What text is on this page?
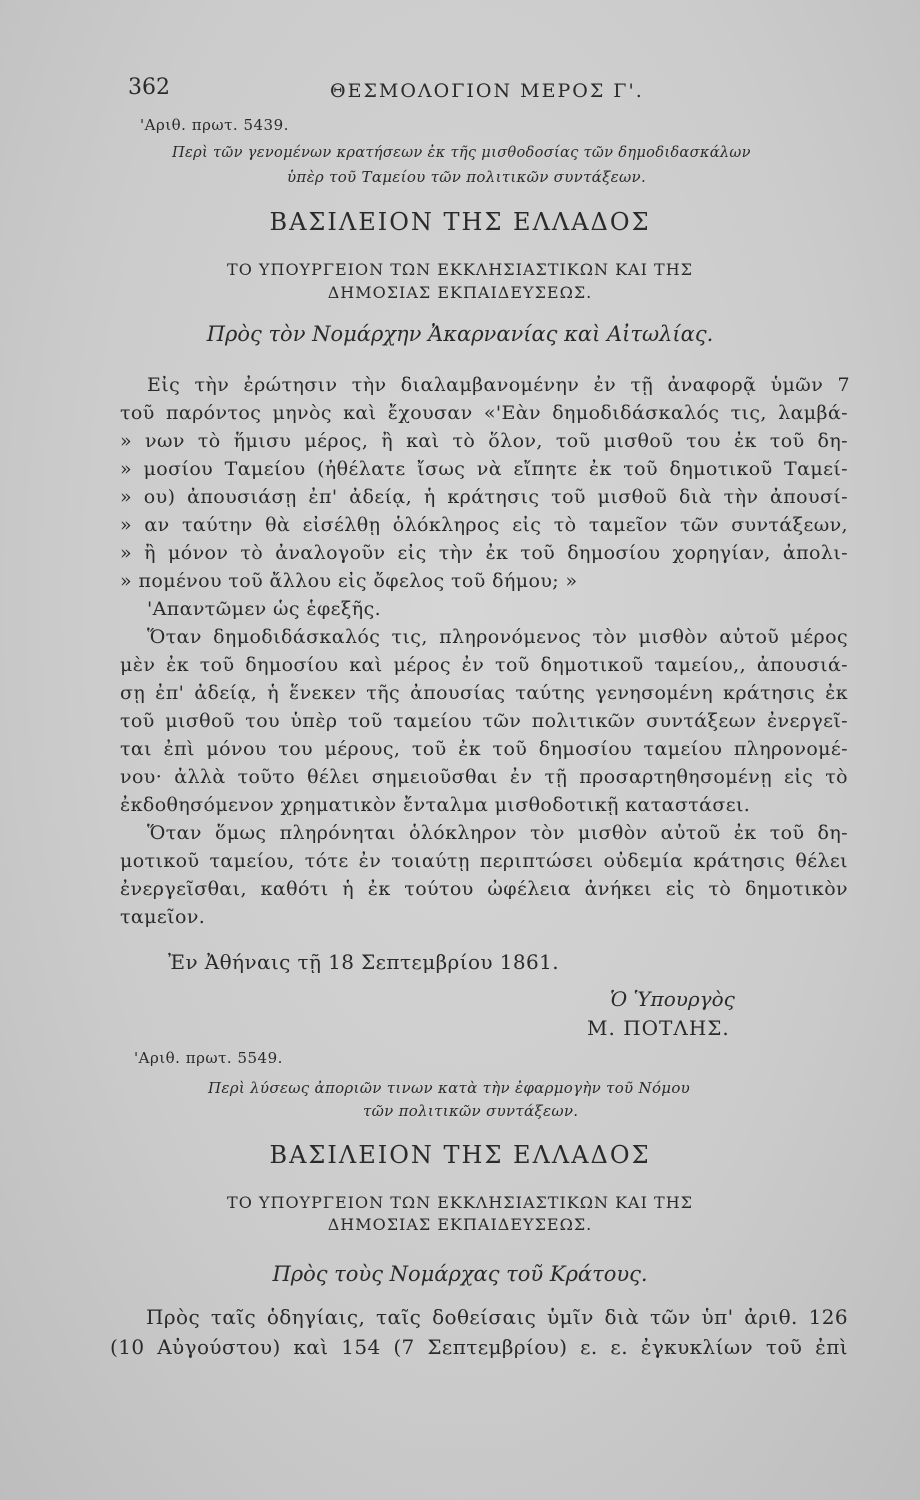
362	ΘΕΣΜΟΛΟΓΙΟΝ ΜΕΡΟΣ Γ'.
'Αριθ. πρωτ. 5439.
Περὶ τῶν γενομένων κρατήσεων ἐκ τῆς μισθοδοσίας τῶν δημοδιδασκάλων
ὑπὲρ τοῦ Ταμείου τῶν πολιτικῶν συντάξεων.
ΒΑΣΙΛΕΙΟΝ ΤΗΣ ΕΛΛΑΔΟΣ
ΤΟ ΥΠΟΥΡΓΕΙΟΝ ΤΩΝ ΕΚΚΛΗΣΙΑΣΤΙΚΩΝ ΚΑΙ ΤΗΣ
ΔΗΜΟΣΙΑΣ ΕΚΠΑΙΔΕΥΣΕΩΣ.
Πρὸς τὸν Νομάρχην Ἀκαρνανίας καὶ Αἰτωλίας.
Εἰς τὴν ἐρώτησιν τὴν διαλαμβανομένην ἐν τῇ ἀναφορᾷ ὑμῶν 7
τοῦ παρόντος μηνὸς καὶ ἔχουσαν «'Εὰν δημοδιδάσκαλός τις, λαμβά-
» νων τὸ ἥμισυ μέρος, ἢ καὶ τὸ ὅλον, τοῦ μισθοῦ του ἐκ τοῦ δη-
» μοσίου Ταμείου (ἠθέλατε ἴσως νὰ εἴπητε ἐκ τοῦ δημοτικοῦ Ταμεί-
» ου) ἀπουσιάσῃ ἐπ' ἀδείᾳ, ἡ κράτησις τοῦ μισθοῦ διὰ τὴν ἀπουσί-
» αν ταύτην θὰ εἰσέλθῃ ὁλόκληρος εἰς τὸ ταμεῖον τῶν συντάξεων,
» ἢ μόνον τὸ ἀναλογοῦν εἰς τὴν ἐκ τοῦ δημοσίου χορηγίαν, ἀπολι-
» πομένου τοῦ ἄλλου εἰς ὄφελος τοῦ δήμου; »
'Απαντῶμεν ὡς ἑφεξῆς.
Ὅταν δημοδιδάσκαλός τις, πληρονόμενος τὸν μισθὸν αὐτοῦ μέρος
μὲν ἐκ τοῦ δημοσίου καὶ μέρος ἐν τοῦ δημοτικοῦ ταμείου,, ἀπουσιά-
σῃ ἐπ' ἀδείᾳ, ἡ ἕνεκεν τῆς ἀπουσίας ταύτης γενησομένη κράτησις ἐκ
τοῦ μισθοῦ του ὑπὲρ τοῦ ταμείου τῶν πολιτικῶν συντάξεων ἐνεργεῖ-
ται ἐπὶ μόνου του μέρους, τοῦ ἐκ τοῦ δημοσίου ταμείου πληρονομέ-
νου· ἀλλὰ τοῦτο θέλει σημειοῦσθαι ἐν τῇ προσαρτηθησομένῃ εἰς τὸ
ἐκδοθησόμενον χρηματικὸν ἔνταλμα μισθοδοτικῇ καταστάσει.
Ὅταν ὅμως πληρόνηται ὁλόκληρον τὸν μισθὸν αὐτοῦ ἐκ τοῦ δη-
μοτικοῦ ταμείου, τότε ἐν τοιαύτῃ περιπτώσει οὐδεμία κράτησις θέλει
ἐνεργεῖσθαι, καθότι ἡ ἐκ τούτου ὠφέλεια ἀνήκει εἰς τὸ δημοτικὸν
ταμεῖον.
Ἐν Ἀθήναις τῇ 18 Σεπτεμβρίου 1861.
Ὁ Ὑπουργὸς
Μ. ΠΟΤΛΗΣ.
'Αριθ. πρωτ. 5549.
Περὶ λύσεως ἀποριῶν τινων κατὰ τὴν ἐφαρμογὴν τοῦ Νόμου
τῶν πολιτικῶν συντάξεων.
ΒΑΣΙΛΕΙΟΝ ΤΗΣ ΕΛΛΑΔΟΣ
ΤΟ ΥΠΟΥΡΓΕΙΟΝ ΤΩΝ ΕΚΚΛΗΣΙΑΣΤΙΚΩΝ ΚΑΙ ΤΗΣ
ΔΗΜΟΣΙΑΣ ΕΚΠΑΙΔΕΥΣΕΩΣ.
Πρὸς τοὺς Νομάρχας τοῦ Κράτους.
Πρὸς ταῖς ὁδηγίαις, ταῖς δοθείσαις ὑμῖν διὰ τῶν ὑπ' ἀριθ. 126
(10 Αὐγούστου) καὶ 154 (7 Σεπτεμβρίου) ε. ε. ἐγκυκλίων τοῦ ἐπὶ
